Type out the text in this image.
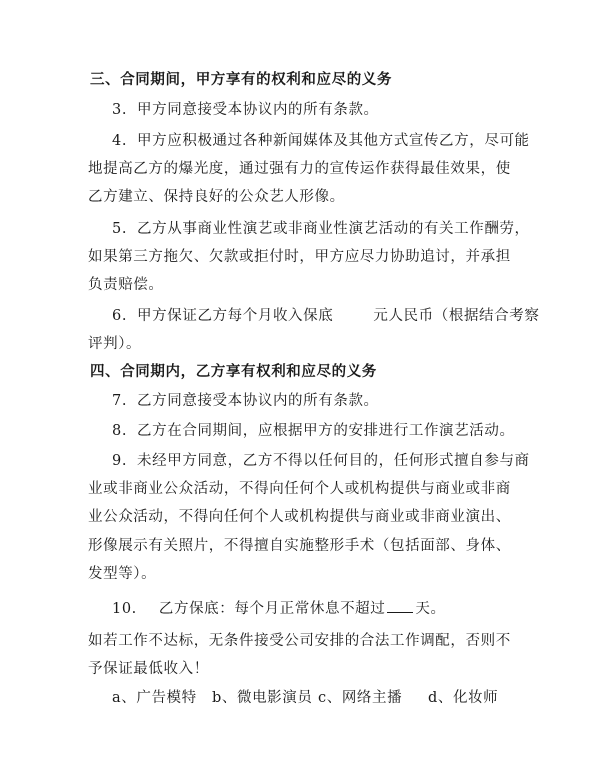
三、合同期间，甲方享有的权利和应尽的义务
3. 甲方同意接受本协议内的所有条款。
4. 甲方应积极通过各种新闻媒体及其他方式宣传乙方，尽可能
地提高乙方的爆光度，通过强有力的宣传运作获得最佳效果，使
乙方建立、保持良好的公众艺人形像。
5. 乙方从事商业性演艺或非商业性演艺活动的有关工作酬劳，
如果第三方拖欠、欠款或拒付时，甲方应尽力协助追讨，并承担
负责赔偿。
6. 甲方保证乙方每个月收入保底	元人民币（根据结合考察
评判）。
四、合同期内，乙方享有权利和应尽的义务
7. 乙方同意接受本协议内的所有条款。
8. 乙方在合同期间，应根据甲方的安排进行工作演艺活动。
9. 未经甲方同意，乙方不得以任何目的，任何形式擅自参与商
业或非商业公众活动，不得向任何个人或机构提供与商业或非商
业公众活动，不得向任何个人或机构提供与商业或非商业演出、
形像展示有关照片，不得擅自实施整形手术（包括面部、身体、
发型等）。
10. 乙方保底：每个月正常休息不超过 天。
如若工作不达标，无条件接受公司安排的合法工作调配，否则不
予保证最低收入！
a、广告模特 b、微电影演员 c、网络主播 d、化妆师
